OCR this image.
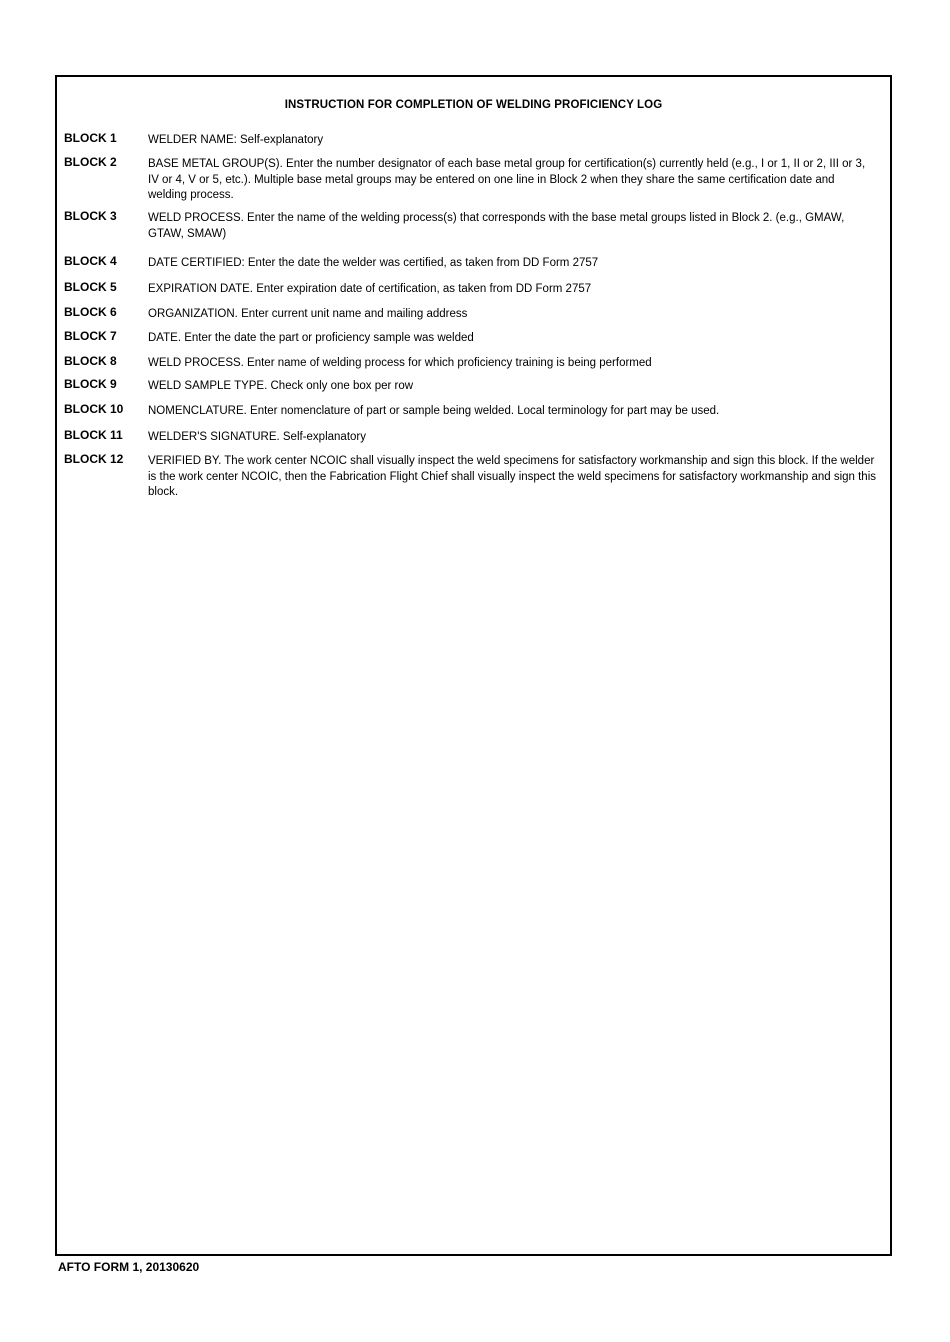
INSTRUCTION FOR COMPLETION OF WELDING PROFICIENCY LOG
BLOCK 1	WELDER NAME: Self-explanatory
BLOCK 2	BASE METAL GROUP(S). Enter the number designator of each base metal group for certification(s) currently held (e.g., I or 1, II or 2, III or 3, IV or 4, V or 5, etc.). Multiple base metal groups may be entered on one line in Block 2 when they share the same certification date and welding process.
BLOCK 3	WELD PROCESS. Enter the name of the welding process(s) that corresponds with the base metal groups listed in Block 2. (e.g., GMAW, GTAW, SMAW)
BLOCK 4	DATE CERTIFIED: Enter the date the welder was certified, as taken from DD Form 2757
BLOCK 5	EXPIRATION DATE. Enter expiration date of certification, as taken from DD Form 2757
BLOCK 6	ORGANIZATION. Enter current unit name and mailing address
BLOCK 7	DATE. Enter the date the part or proficiency sample was welded
BLOCK 8	WELD PROCESS. Enter name of welding process for which proficiency training is being performed
BLOCK 9	WELD SAMPLE TYPE. Check only one box per row
BLOCK 10 NOMENCLATURE. Enter nomenclature of part or sample being welded. Local terminology for part may be used.
BLOCK 11 WELDER'S SIGNATURE. Self-explanatory
BLOCK 12 VERIFIED BY. The work center NCOIC shall visually inspect the weld specimens for satisfactory workmanship and sign this block. If the welder is the work center NCOIC, then the Fabrication Flight Chief shall visually inspect the weld specimens for satisfactory workmanship and sign this block.
AFTO FORM 1, 20130620
